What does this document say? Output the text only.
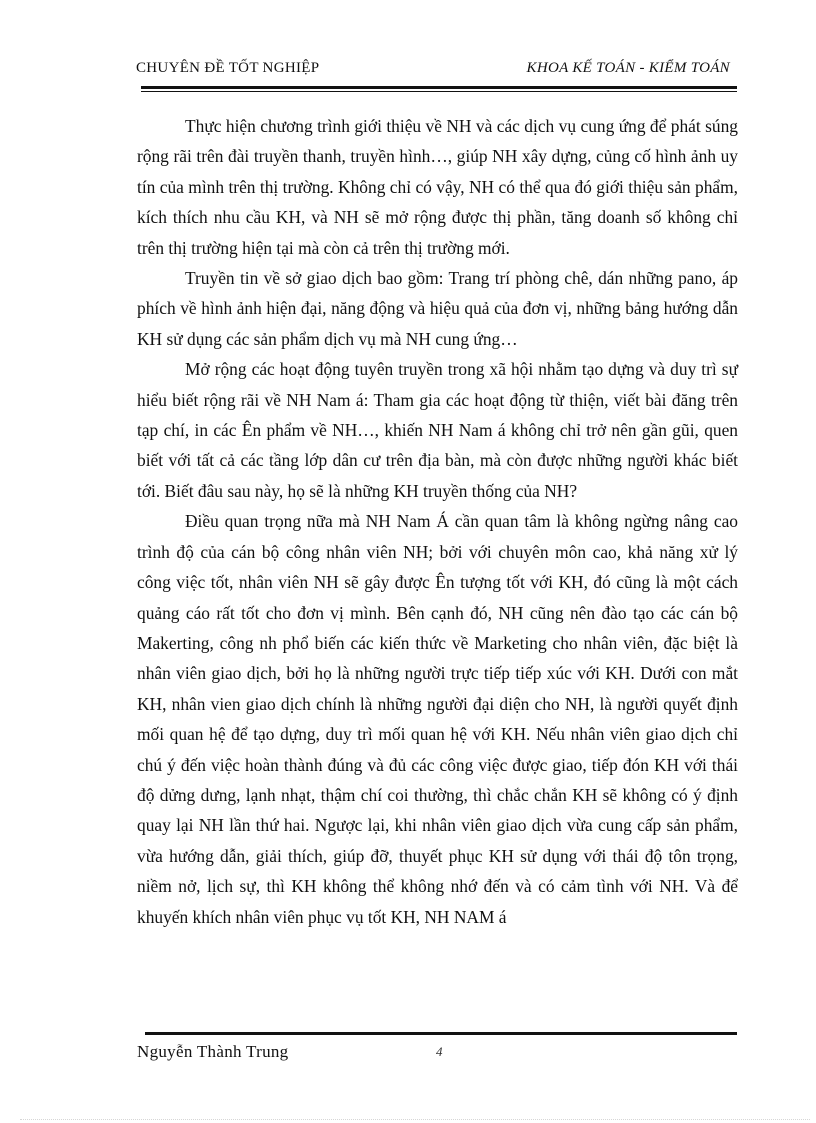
CHUYÊN ĐỀ TỐT NGHIỆP	KHOA KẾ TOÁN - KIỂM TOÁN

Thực hiện chương trình giới thiệu về NH và các dịch vụ cung ứng để phát súng rộng rãi trên đài truyền thanh, truyền hình…, giúp NH xây dựng, củng cố hình ảnh uy tín của mình trên thị trường. Không chỉ có vậy, NH có thể qua đó giới thiệu sản phẩm, kích thích nhu cầu KH, và NH sẽ mở rộng được thị phần, tăng doanh số không chỉ trên thị trường hiện tại mà còn cả trên thị trường mới.

Truyền tin về sở giao dịch bao gồm: Trang trí phòng chê, dán những pano, áp phích về hình ảnh hiện đại, năng động và hiệu quả của đơn vị, những bảng hướng dẫn KH sử dụng các sản phẩm dịch vụ mà NH cung ứng…

Mở rộng các hoạt động tuyên truyền trong xã hội nhằm tạo dựng và duy trì sự hiểu biết rộng rãi về NH Nam á: Tham gia các hoạt động từ thiện, viết bài đăng trên tạp chí, in các Ên phẩm về NH…, khiến NH Nam á không chỉ trở nên gần gũi, quen biết với tất cả các tầng lớp dân cư trên địa bàn, mà còn được những người khác biết tới. Biết đâu sau này, họ sẽ là những KH truyền thống của NH?

Điều quan trọng nữa mà NH Nam Á cần quan tâm là không ngừng nâng cao trình độ của cán bộ công nhân viên NH; bởi với chuyên môn cao, khả năng xử lý công việc tốt, nhân viên NH sẽ gây được Ên tượng tốt với KH, đó cũng là một cách quảng cáo rất tốt cho đơn vị mình. Bên cạnh đó, NH cũng nên đào tạo các cán bộ Makerting, công nh phổ biến các kiến thức về Marketing cho nhân viên, đặc biệt là nhân viên giao dịch, bởi họ là những người trực tiếp tiếp xúc với KH. Dưới con mắt KH, nhân vien giao dịch chính là những người đại diện cho NH, là người quyết định mối quan hệ để tạo dựng, duy trì mối quan hệ với KH. Nếu nhân viên giao dịch chỉ chú ý đến việc hoàn thành đúng và đủ các công việc được giao, tiếp đón KH với thái độ dửng dưng, lạnh nhạt, thậm chí coi thường, thì chắc chắn KH sẽ không có ý định quay lại NH lần thứ hai. Ngược lại, khi nhân viên giao dịch vừa cung cấp sản phẩm, vừa hướng dẫn, giải thích, giúp đỡ, thuyết phục KH sử dụng với thái độ tôn trọng, niềm nở, lịch sự, thì KH không thể không nhớ đến và có cảm tình với NH. Và để khuyến khích nhân viên phục vụ tốt KH, NH NAM á

Nguyễn Thành Trung	4
